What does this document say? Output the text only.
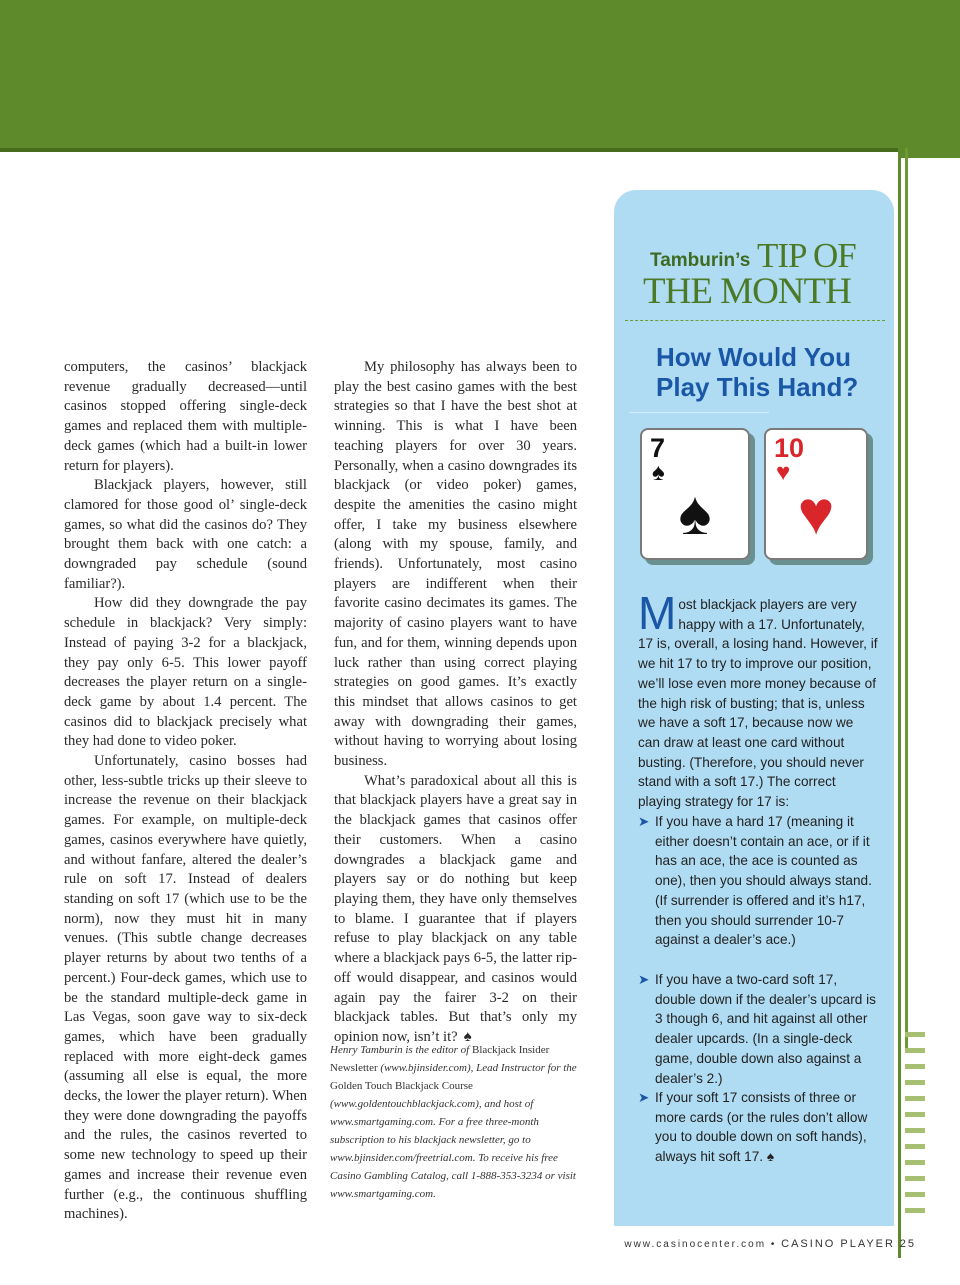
computers, the casinos’ blackjack revenue gradually decreased—until casinos stopped offering single-deck games and replaced them with multiple-deck games (which had a built-in lower return for players).

Blackjack players, however, still clamored for those good ol’ single-deck games, so what did the casinos do? They brought them back with one catch: a downgraded pay schedule (sound familiar?).

How did they downgrade the pay schedule in blackjack? Very simply: Instead of paying 3-2 for a blackjack, they pay only 6-5. This lower payoff decreases the player return on a single-deck game by about 1.4 percent. The casinos did to blackjack precisely what they had done to video poker.

Unfortunately, casino bosses had other, less-subtle tricks up their sleeve to increase the revenue on their blackjack games. For example, on multiple-deck games, casinos everywhere have quietly, and without fanfare, altered the dealer’s rule on soft 17. Instead of dealers standing on soft 17 (which use to be the norm), now they must hit in many venues. (This subtle change decreases player returns by about two tenths of a percent.) Four-deck games, which use to be the standard multiple-deck game in Las Vegas, soon gave way to six-deck games, which have been gradually replaced with more eight-deck games (assuming all else is equal, the more decks, the lower the player return). When they were done downgrading the payoffs and the rules, the casinos reverted to some new technology to speed up their games and increase their revenue even further (e.g., the continuous shuffling machines).

My philosophy has always been to play the best casino games with the best strategies so that I have the best shot at winning. This is what I have been teaching players for over 30 years. Personally, when a casino downgrades its blackjack (or video poker) games, despite the amenities the casino might offer, I take my business elsewhere (along with my spouse, family, and friends). Unfortunately, most casino players are indifferent when their favorite casino decimates its games. The majority of casino players want to have fun, and for them, winning depends upon luck rather than using correct playing strategies on good games. It’s exactly this mindset that allows casinos to get away with downgrading their games, without having to worrying about losing business.

What’s paradoxical about all this is that blackjack players have a great say in the blackjack games that casinos offer their customers. When a casino downgrades a blackjack game and players say or do nothing but keep playing them, they have only themselves to blame. I guarantee that if players refuse to play blackjack on any table where a blackjack pays 6-5, the latter rip-off would disappear, and casinos would again pay the fairer 3-2 on their blackjack tables. But that’s only my opinion now, isn’t it? ♠

Henry Tamburin is the editor of Blackjack Insider Newsletter (www.bjinsider.com), Lead Instructor for the Golden Touch Blackjack Course (www.goldentouchblackjack.com), and host of www.smartgaming.com. For a free three-month subscription to his blackjack newsletter, go to www.bjinsider.com/freetrial.com. To receive his free Casino Gambling Catalog, call 1-888-353-3234 or visit www.smartgaming.com.
Tamburin’s TIP OF
THE MONTH
How Would You Play This Hand?
7
♠
♠
10
♥
♥
Most blackjack players are very happy with a 17. Unfortunately, 17 is, overall, a losing hand. However, if we hit 17 to try to improve our position, we’ll lose even more money because of the high risk of busting; that is, unless we have a soft 17, because now we can draw at least one card without busting. (Therefore, you should never stand with a soft 17.) The correct playing strategy for 17 is:
➤ If you have a hard 17 (meaning it either doesn’t contain an ace, or if it has an ace, the ace is counted as one), then you should always stand. (If surrender is offered and it’s h17, then you should surrender 10-7 against a dealer’s ace.)
➤ If you have a two-card soft 17, double down if the dealer’s upcard is 3 though 6, and hit against all other dealer upcards. (In a single-deck game, double down also against a dealer’s 2.)
➤ If your soft 17 consists of three or more cards (or the rules don’t allow you to double down on soft hands), always hit soft 17. ♠
www.casinocenter.com • CASINO PLAYER 25
